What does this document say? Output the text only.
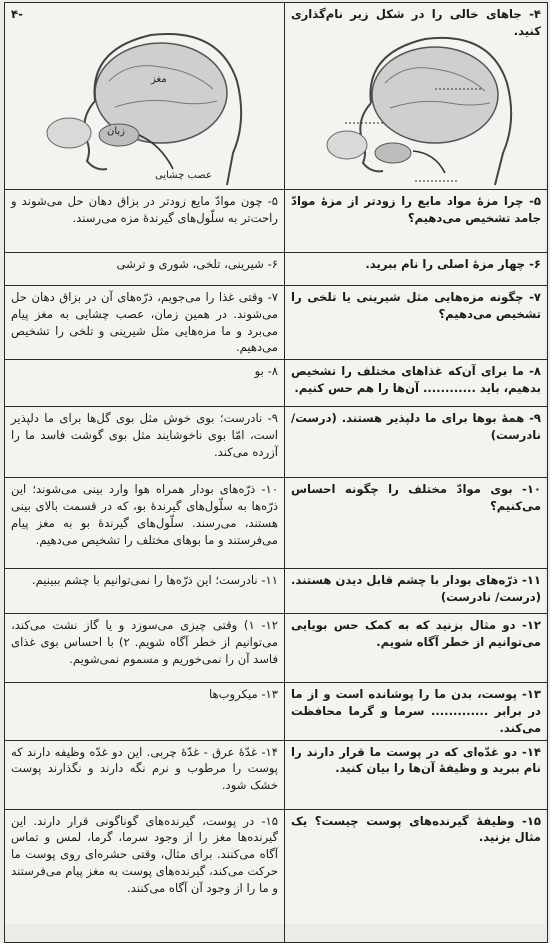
۴- جاهای خالی را در شکل زیر نام‌گذاری کنید.	-۴
مغز
زبان
عصب چشایی

۵- چرا مزهٔ مواد مایع را زودتر از مزهٔ موادّ جامد تشخیص می‌دهیم؟	۵- چون موادّ مایع زودتر در بزاق دهان حل می‌شوند و راحت‌تر به سلّول‌های گیرندهٔ مزه می‌رسند.
۶- چهار مزهٔ اصلی را نام ببرید.	۶- شیرینی، تلخی، شوری و ترشی
۷- چگونه مزه‌هایی مثل شیرینی یا تلخی را تشخیص می‌دهیم؟	۷- وقتی غذا را می‌جویم، ذرّه‌های آن در بزاق دهان حل می‌شوند. در همین زمان، عصب چشایی به مغز پیام می‌برد و ما مزه‌هایی مثل شیرینی و تلخی را تشخیص می‌دهیم.
۸- ما برای آن‌که غذاهای مختلف را تشخیص بدهیم، باید ............ آن‌ها را هم حس کنیم.	۸- بو
۹- همهٔ بوها برای ما دلپذیر هستند. (درست/ نادرست)	۹- نادرست؛ بوی خوش مثل بوی گل‌ها برای ما دلپذیر است، امّا بوی ناخوشایند مثل بوی گوشت فاسد ما را آزرده می‌کند.
۱۰- بوی موادّ مختلف را چگونه احساس می‌کنیم؟	۱۰- ذرّه‌های بودار همراه هوا وارد بینی می‌شوند؛ این ذرّه‌ها به سلّول‌های گیرندهٔ بو، که در قسمت بالای بینی هستند، می‌رسند. سلّول‌های گیرندهٔ بو به مغز پیام می‌فرستند و ما بوهای مختلف را تشخیص می‌دهیم.
۱۱- ذرّه‌های بودار با چشم قابل دیدن هستند. (درست/ نادرست)	۱۱- نادرست؛ این ذرّه‌ها را نمی‌توانیم با چشم ببینیم.
۱۲- دو مثال بزنید که به کمک حس بویایی می‌توانیم از خطر آگاه شویم.	۱۲- ۱) وقتی چیزی می‌سوزد و یا گاز نشت می‌کند، می‌توانیم از خطر آگاه شویم. ۲) با احساس بوی غذای فاسد آن را نمی‌خوریم و مسموم نمی‌شویم.
۱۳- پوست، بدن ما را پوشانده است و از ما در برابر ............. سرما و گرما محافظت می‌کند.	۱۳- میکروب‌ها
۱۴- دو غدّه‌ای که در پوست ما قرار دارند را نام ببرید و وظیفهٔ آن‌ها را بیان کنید.	۱۴- غدّهٔ عرق - غدّهٔ چربی. این دو غدّه وظیفه دارند که پوست را مرطوب و نرم نگه دارند و نگذارند پوست خشک شود.
۱۵- وظیفهٔ گیرنده‌های پوست چیست؟ یک مثال بزنید.	۱۵- در پوست، گیرنده‌های گوناگونی قرار دارند. این گیرنده‌ها مغز را از وجود سرما، گرما، لمس و تماس آگاه می‌کنند. برای مثال، وقتی حشره‌ای روی پوست ما حرکت می‌کند، گیرنده‌های پوست به مغز پیام می‌فرستند و ما را از وجود آن آگاه می‌کنند.
